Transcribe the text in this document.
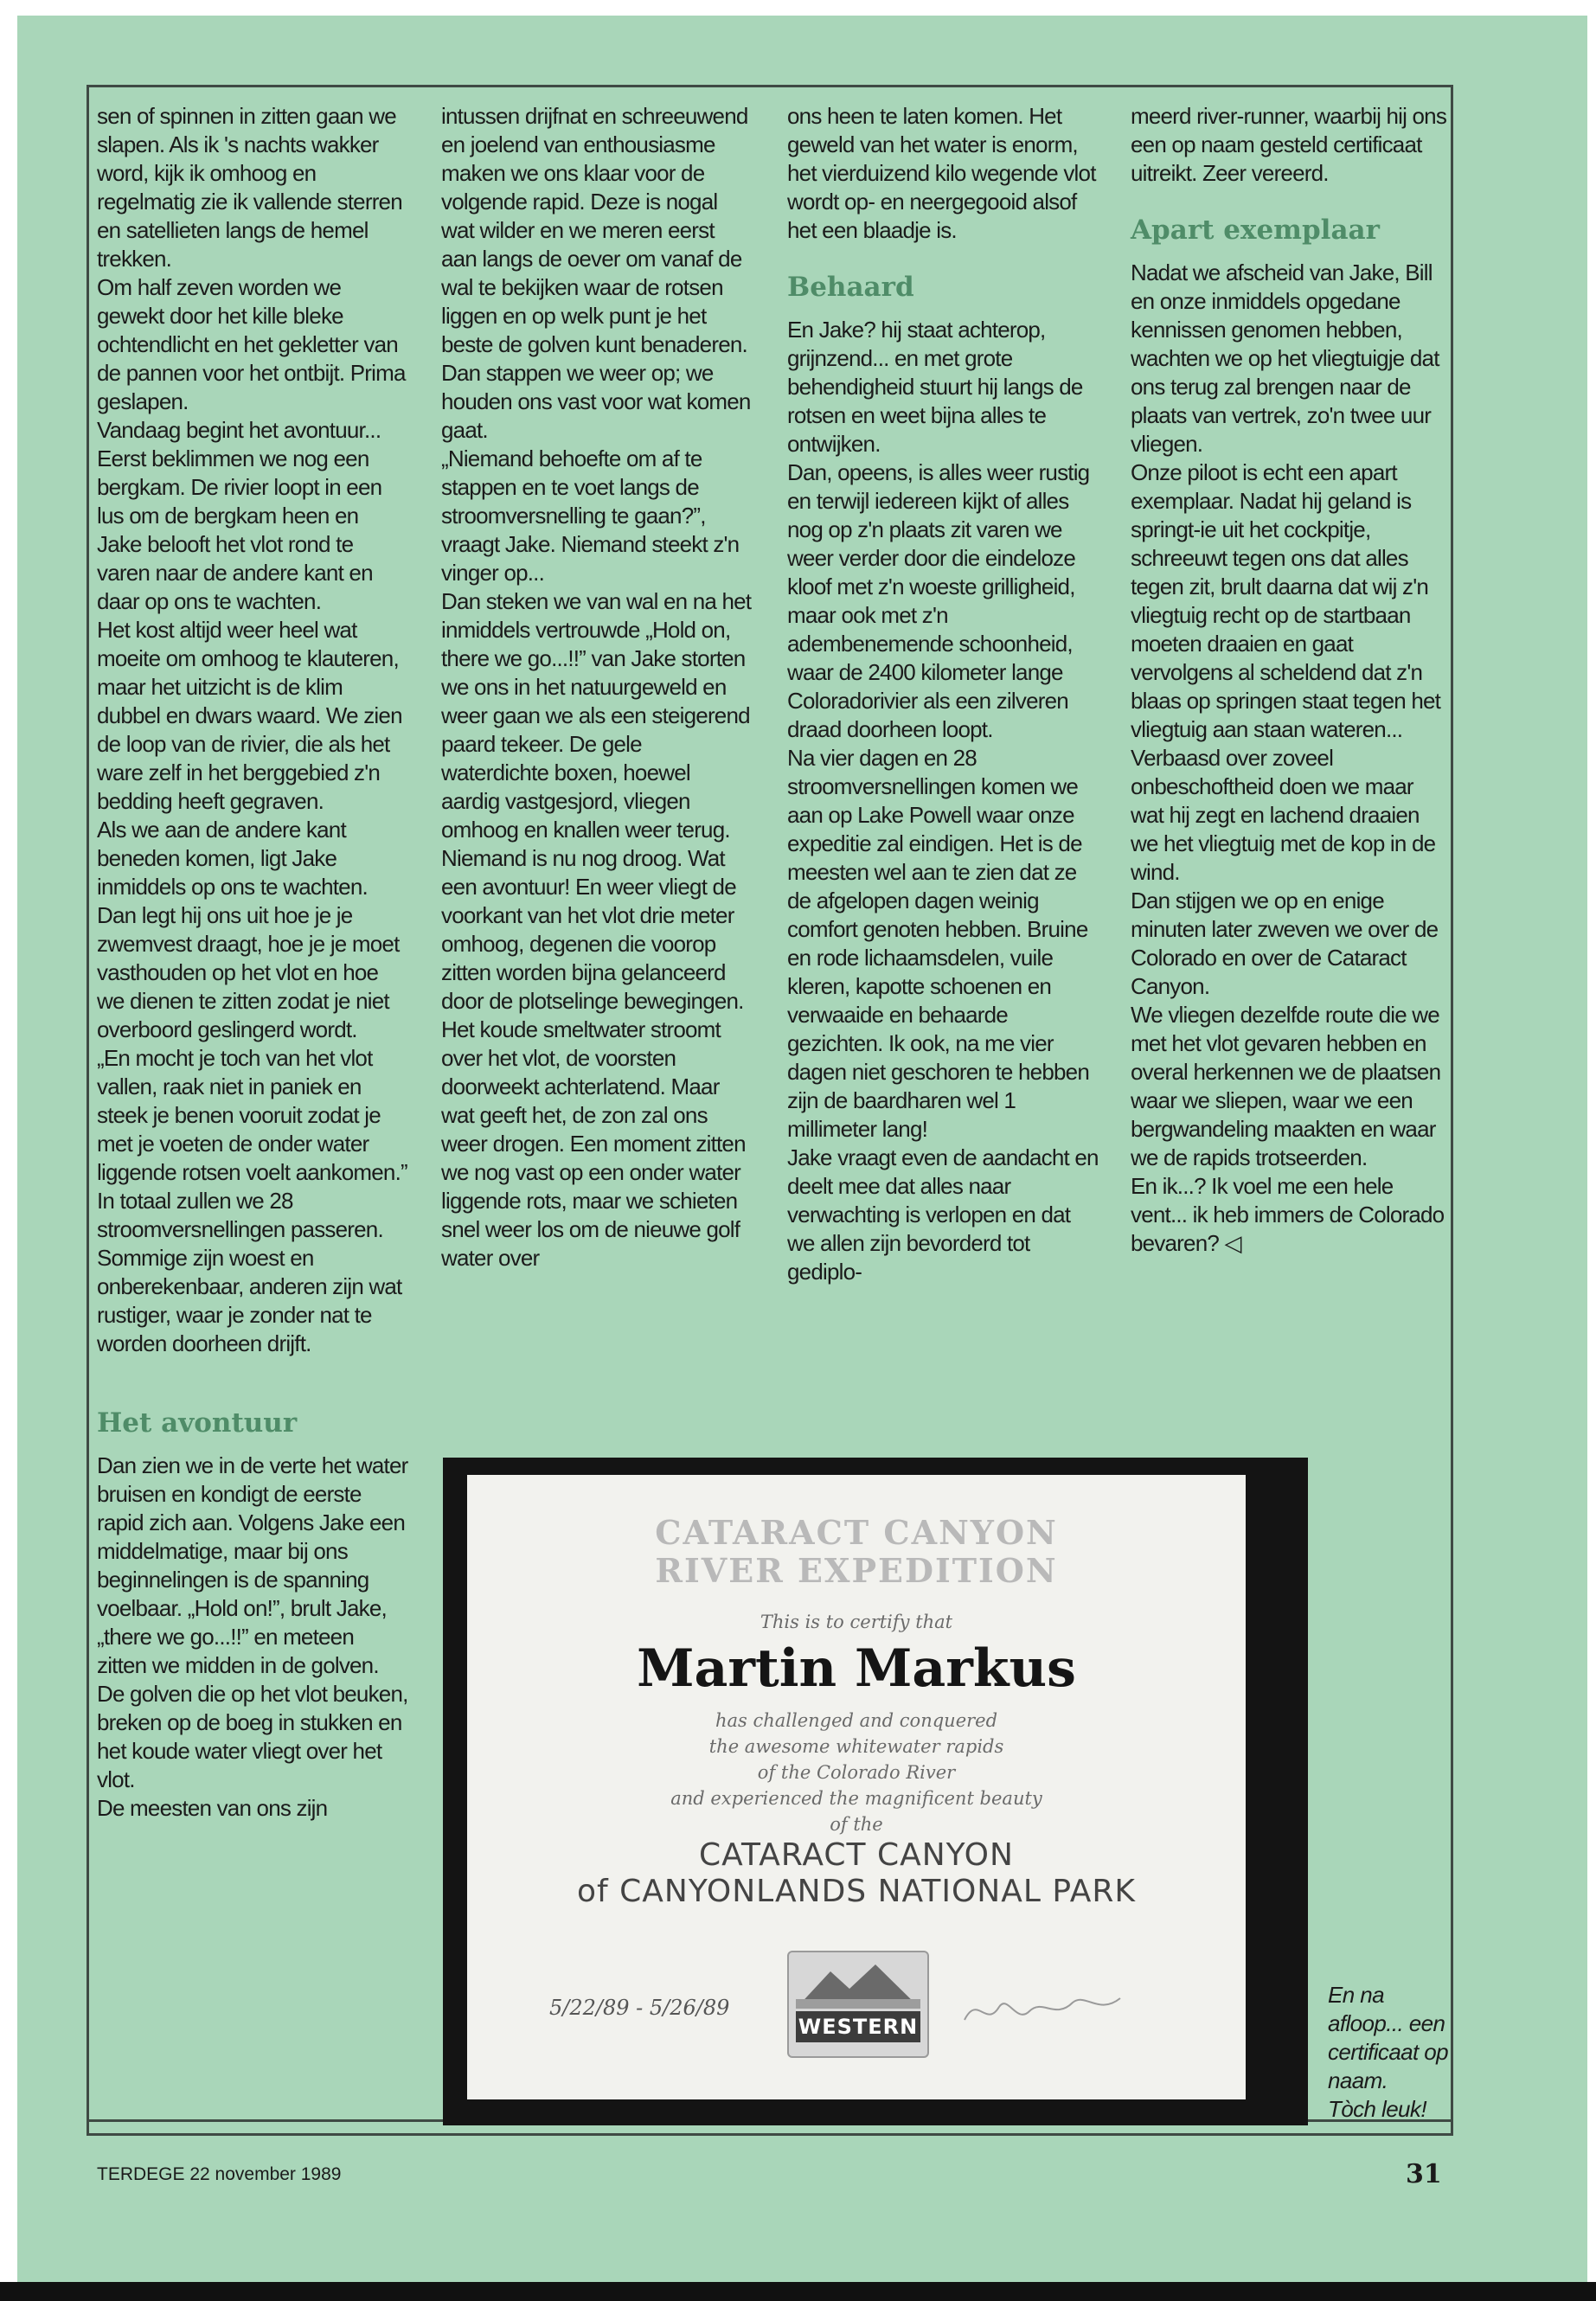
sen of spinnen in zitten gaan we slapen. Als ik 's nachts wakker word, kijk ik omhoog en regelmatig zie ik vallende sterren en satellieten langs de hemel trekken.

Om half zeven worden we gewekt door het kille bleke ochtendlicht en het gekletter van de pannen voor het ontbijt. Prima geslapen.

Vandaag begint het avontuur... Eerst beklimmen we nog een bergkam. De rivier loopt in een lus om de bergkam heen en Jake belooft het vlot rond te varen naar de andere kant en daar op ons te wachten.

Het kost altijd weer heel wat moeite om omhoog te klauteren, maar het uitzicht is de klim dubbel en dwars waard. We zien de loop van de rivier, die als het ware zelf in het berggebied z'n bedding heeft gegraven.

Als we aan de andere kant beneden komen, ligt Jake inmiddels op ons te wachten. Dan legt hij ons uit hoe je je zwemvest draagt, hoe je je moet vasthouden op het vlot en hoe we dienen te zitten zodat je niet overboord geslingerd wordt.

„En mocht je toch van het vlot vallen, raak niet in paniek en steek je benen vooruit zodat je met je voeten de onder water liggende rotsen voelt aankomen.”

In totaal zullen we 28 stroomversnellingen passeren. Sommige zijn woest en onberekenbaar, anderen zijn wat rustiger, waar je zonder nat te worden doorheen drijft.

Het avontuur

Dan zien we in de verte het water bruisen en kondigt de eerste rapid zich aan. Volgens Jake een middelmatige, maar bij ons beginnelingen is de spanning voelbaar. „Hold on!”, brult Jake, „there we go...!!” en meteen zitten we midden in de golven. De golven die op het vlot beuken, breken op de boeg in stukken en het koude water vliegt over het vlot.

De meesten van ons zijn

intussen drijfnat en schreeuwend en joelend van enthousiasme maken we ons klaar voor de volgende rapid. Deze is nogal wat wilder en we meren eerst aan langs de oever om vanaf de wal te bekijken waar de rotsen liggen en op welk punt je het beste de golven kunt benaderen. Dan stappen we weer op; we houden ons vast voor wat komen gaat.

„Niemand behoefte om af te stappen en te voet langs de stroomversnelling te gaan?”, vraagt Jake. Niemand steekt z'n vinger op...

Dan steken we van wal en na het inmiddels vertrouwde „Hold on, there we go...!!” van Jake storten we ons in het natuurgeweld en weer gaan we als een steigerend paard tekeer. De gele waterdichte boxen, hoewel aardig vastgesjord, vliegen omhoog en knallen weer terug. Niemand is nu nog droog. Wat een avontuur! En weer vliegt de voorkant van het vlot drie meter omhoog, degenen die voorop zitten worden bijna gelanceerd door de plotselinge bewegingen.

Het koude smeltwater stroomt over het vlot, de voorsten doorweekt achterlatend. Maar wat geeft het, de zon zal ons weer drogen. Een moment zitten we nog vast op een onder water liggende rots, maar we schieten snel weer los om de nieuwe golf water over

ons heen te laten komen. Het geweld van het water is enorm, het vierduizend kilo wegende vlot wordt op- en neergegooid alsof het een blaadje is.

Behaard

En Jake? hij staat achterop, grijnzend... en met grote behendigheid stuurt hij langs de rotsen en weet bijna alles te ontwijken.

Dan, opeens, is alles weer rustig en terwijl iedereen kijkt of alles nog op z'n plaats zit varen we weer verder door die eindeloze kloof met z'n woeste grilligheid, maar ook met z'n adembenemende schoonheid, waar de 2400 kilometer lange Coloradorivier als een zilveren draad doorheen loopt.

Na vier dagen en 28 stroomversnellingen komen we aan op Lake Powell waar onze expeditie zal eindigen. Het is de meesten wel aan te zien dat ze de afgelopen dagen weinig comfort genoten hebben. Bruine en rode lichaamsdelen, vuile kleren, kapotte schoenen en verwaaide en behaarde gezichten. Ik ook, na me vier dagen niet geschoren te hebben zijn de baardharen wel 1 millimeter lang!

Jake vraagt even de aandacht en deelt mee dat alles naar verwachting is verlopen en dat we allen zijn bevorderd tot gediplo-

meerd river-runner, waarbij hij ons een op naam gesteld certificaat uitreikt. Zeer vereerd.

Apart exemplaar

Nadat we afscheid van Jake, Bill en onze inmiddels opgedane kennissen genomen hebben, wachten we op het vliegtuigje dat ons terug zal brengen naar de plaats van vertrek, zo'n twee uur vliegen.

Onze piloot is echt een apart exemplaar. Nadat hij geland is springt-ie uit het cockpitje, schreeuwt tegen ons dat alles tegen zit, brult daarna dat wij z'n vliegtuig recht op de startbaan moeten draaien en gaat vervolgens al scheldend dat z'n blaas op springen staat tegen het vliegtuig aan staan wateren...

Verbaasd over zoveel onbeschoftheid doen we maar wat hij zegt en lachend draaien we het vliegtuig met de kop in de wind.

Dan stijgen we op en enige minuten later zweven we over de Colorado en over de Cataract Canyon.

We vliegen dezelfde route die we met het vlot gevaren hebben en overal herkennen we de plaatsen waar we sliepen, waar we een bergwandeling maakten en waar we de rapids trotseerden.

En ik...? Ik voel me een hele vent... ik heb immers de Colorado bevaren? ◁

CATARACT CANYON
RIVER EXPEDITION
This is to certify that
Martin Markus
has challenged and conquered
the awesome whitewater rapids
of the Colorado River
and experienced the magnificent beauty
of the
CATARACT CANYON
of CANYONLANDS NATIONAL PARK
5/22/89 - 5/26/89
WESTERN

En na afloop... een certificaat op naam.

Tòch leuk!

TERDEGE 22 november 1989	31
